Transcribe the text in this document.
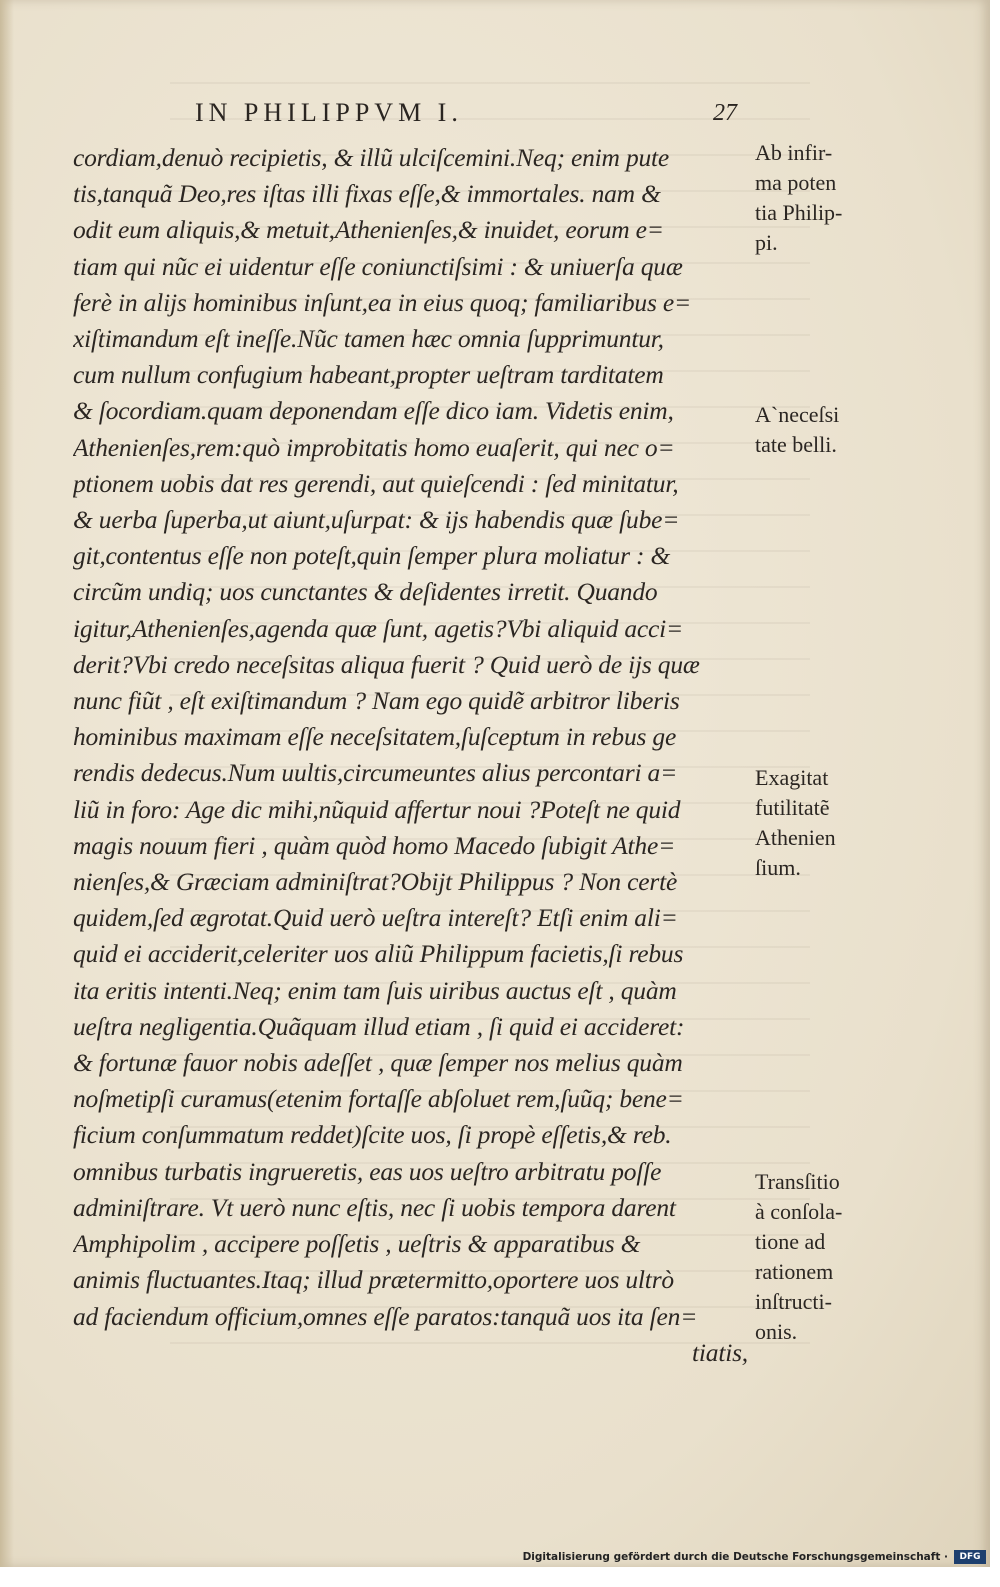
IN PHILIPPVM I.	27
cordiam,denuò recipietis, & illũ ulciſcemini.Neq; enim pute
tis,tanquã Deo,res iſtas illi fixas eſſe,& immortales. nam &
odit eum aliquis,& metuit,Athenienſes,& inuidet, eorum e=
tiam qui nũc ei uidentur eſſe coniunctiſsimi : & uniuerſa quæ
ferè in alijs hominibus inſunt,ea in eius quoq; familiaribus e=
xiſtimandum eſt ineſſe.Nũc tamen hæc omnia ſupprimuntur,
cum nullum confugium habeant,propter ueſtram tarditatem
& ſocordiam.quam deponendam eſſe dico iam. Videtis enim,
Athenienſes,rem:quò improbitatis homo euaſerit, qui nec o=
ptionem uobis dat res gerendi, aut quieſcendi : ſed minitatur,
& uerba ſuperba,ut aiunt,uſurpat: & ijs habendis quæ ſube=
git,contentus eſſe non poteſt,quin ſemper plura moliatur : &
circũm undiq; uos cunctantes & deſidentes irretit. Quando
igitur,Athenienſes,agenda quæ ſunt, agetis?Vbi aliquid acci=
derit?Vbi credo neceſsitas aliqua fuerit ? Quid uerò de ijs quæ
nunc fiũt , eſt exiſtimandum ? Nam ego quidẽ arbitror liberis
hominibus maximam eſſe neceſsitatem,ſuſceptum in rebus ge
rendis dedecus.Num uultis,circumeuntes alius percontari a=
liũ in foro: Age dic mihi,nũquid affertur noui ?Poteſt ne quid
magis nouum fieri , quàm quòd homo Macedo ſubigit Athe=
nienſes,& Græciam adminiſtrat?Obijt Philippus ? Non certè
quidem,ſed ægrotat.Quid uerò ueſtra intereſt? Etſi enim ali=
quid ei acciderit,celeriter uos aliũ Philippum facietis,ſi rebus
ita eritis intenti.Neq; enim tam ſuis uiribus auctus eſt , quàm
ueſtra negligentia.Quãquam illud etiam , ſi quid ei accideret:
& fortunæ fauor nobis adeſſet , quæ ſemper nos melius quàm
noſmetipſi curamus(etenim fortaſſe abſoluet rem,ſuũq; bene=
ficium conſummatum reddet)ſcite uos, ſi propè eſſetis,& reb.
omnibus turbatis ingrueretis, eas uos ueſtro arbitratu poſſe
adminiſtrare. Vt uerò nunc eſtis, nec ſi uobis tempora darent
Amphipolim , accipere poſſetis , ueſtris & apparatibus &
animis fluctuantes.Itaq; illud prætermitto,oportere uos ultrò
ad faciendum officium,omnes eſſe paratos:tanquã uos ita ſen=
tiatis,
Ab infir-
ma poten
tia Philip-
pi.
A`neceſsi
tate belli.
Exagitat
futilitatẽ
Athenien
ſium.
Transſitio
à conſola-
tione ad
rationem
inſtructi-
onis.
Digitalisierung gefördert durch die Deutsche Forschungsgemeinschaft ·	DFG
